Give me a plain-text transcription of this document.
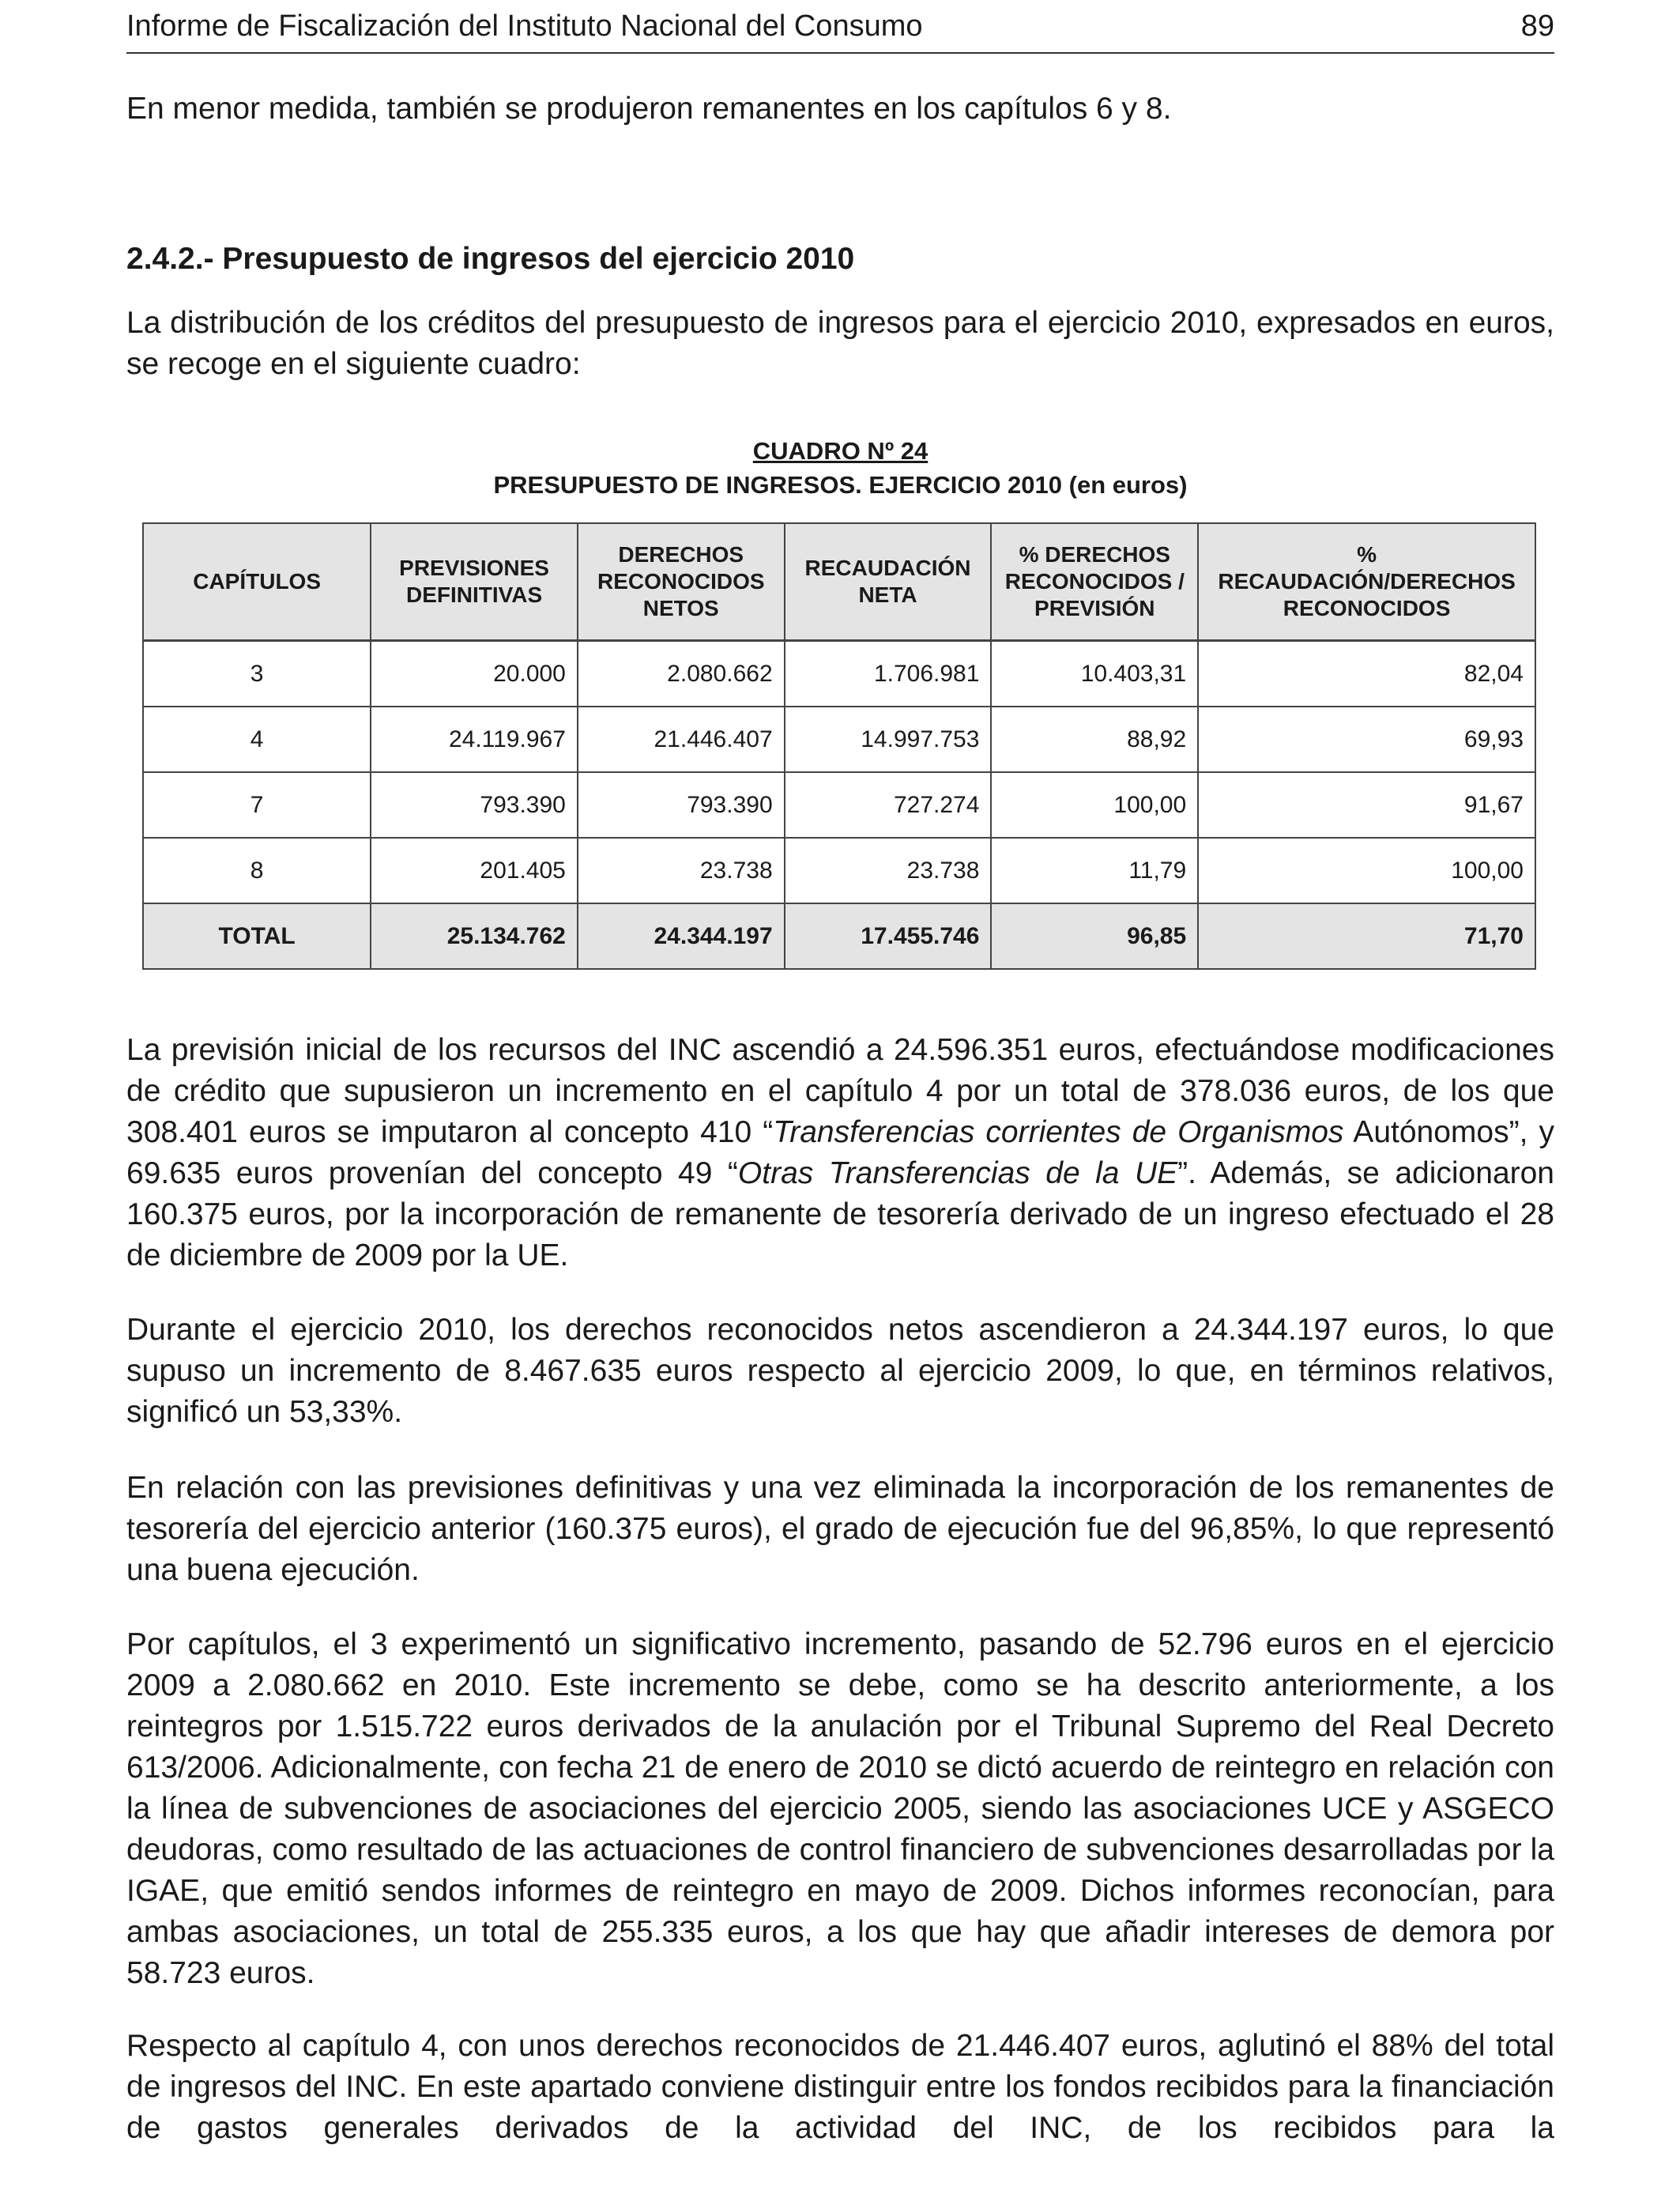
Informe de Fiscalización del Instituto Nacional del Consumo	89

En menor medida, también se produjeron remanentes en los capítulos 6 y 8.

2.4.2.- Presupuesto de ingresos del ejercicio 2010

La distribución de los créditos del presupuesto de ingresos para el ejercicio 2010, expresados en euros, se recoge en el siguiente cuadro:

CUADRO Nº 24

PRESUPUESTO DE INGRESOS. EJERCICIO 2010 (en euros)

CAPÍTULOS	PREVISIONES DEFINITIVAS	DERECHOS RECONOCIDOS NETOS	RECAUDACIÓN NETA	% DERECHOS RECONOCIDOS / PREVISIÓN	% RECAUDACIÓN/DERECHOS RECONOCIDOS
3	20.000	2.080.662	1.706.981	10.403,31	82,04
4	24.119.967	21.446.407	14.997.753	88,92	69,93
7	793.390	793.390	727.274	100,00	91,67
8	201.405	23.738	23.738	11,79	100,00
TOTAL	25.134.762	24.344.197	17.455.746	96,85	71,70

La previsión inicial de los recursos del INC ascendió a 24.596.351 euros, efectuándose modificaciones de crédito que supusieron un incremento en el capítulo 4 por un total de 378.036 euros, de los que 308.401 euros se imputaron al concepto 410 “Transferencias corrientes de Organismos Autónomos”, y 69.635 euros provenían del concepto 49 “Otras Transferencias de la UE”. Además, se adicionaron 160.375 euros, por la incorporación de remanente de tesorería derivado de un ingreso efectuado el 28 de diciembre de 2009 por la UE.

Durante el ejercicio 2010, los derechos reconocidos netos ascendieron a 24.344.197 euros, lo que supuso un incremento de 8.467.635 euros respecto al ejercicio 2009, lo que, en términos relativos, significó un 53,33%.

En relación con las previsiones definitivas y una vez eliminada la incorporación de los remanentes de tesorería del ejercicio anterior (160.375 euros), el grado de ejecución fue del 96,85%, lo que representó una buena ejecución.

Por capítulos, el 3 experimentó un significativo incremento, pasando de 52.796 euros en el ejercicio 2009 a 2.080.662 en 2010. Este incremento se debe, como se ha descrito anteriormente, a los reintegros por 1.515.722 euros derivados de la anulación por el Tribunal Supremo del Real Decreto 613/2006. Adicionalmente, con fecha 21 de enero de 2010 se dictó acuerdo de reintegro en relación con la línea de subvenciones de asociaciones del ejercicio 2005, siendo las asociaciones UCE y ASGECO deudoras, como resultado de las actuaciones de control financiero de subvenciones desarrolladas por la IGAE, que emitió sendos informes de reintegro en mayo de 2009. Dichos informes reconocían, para ambas asociaciones, un total de 255.335 euros, a los que hay que añadir intereses de demora por 58.723 euros.

Respecto al capítulo 4, con unos derechos reconocidos de 21.446.407 euros, aglutinó el 88% del total de ingresos del INC. En este apartado conviene distinguir entre los fondos recibidos para la financiación de gastos generales derivados de la actividad del INC, de los recibidos para la
